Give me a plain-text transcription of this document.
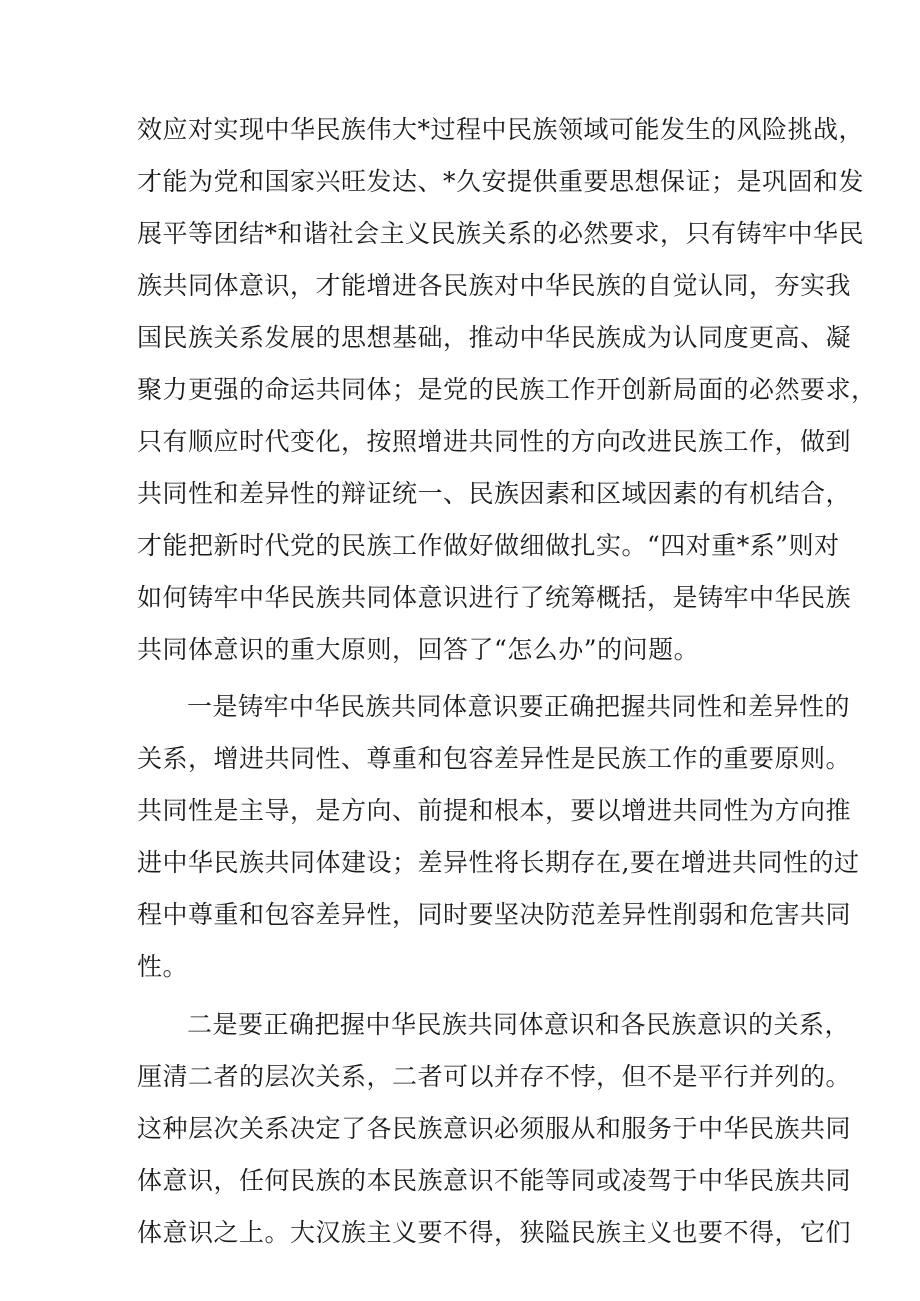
效应对实现中华民族伟大*过程中民族领域可能发生的风险挑战，
才能为党和国家兴旺发达、*久安提供重要思想保证；是巩固和发
展平等团结*和谐社会主义民族关系的必然要求，只有铸牢中华民
族共同体意识，才能增进各民族对中华民族的自觉认同，夯实我
国民族关系发展的思想基础，推动中华民族成为认同度更高、凝
聚力更强的命运共同体；是党的民族工作开创新局面的必然要求，
只有顺应时代变化，按照增进共同性的方向改进民族工作，做到
共同性和差异性的辩证统一、民族因素和区域因素的有机结合，
才能把新时代党的民族工作做好做细做扎实。“四对重*系”则对
如何铸牢中华民族共同体意识进行了统筹概括，是铸牢中华民族
共同体意识的重大原则，回答了“怎么办”的问题。
一是铸牢中华民族共同体意识要正确把握共同性和差异性的
关系，增进共同性、尊重和包容差异性是民族工作的重要原则。
共同性是主导，是方向、前提和根本，要以增进共同性为方向推
进中华民族共同体建设；差异性将长期存在,要在增进共同性的过
程中尊重和包容差异性，同时要坚决防范差异性削弱和危害共同
性。
二是要正确把握中华民族共同体意识和各民族意识的关系，
厘清二者的层次关系，二者可以并存不悖，但不是平行并列的。
这种层次关系决定了各民族意识必须服从和服务于中华民族共同
体意识，任何民族的本民族意识不能等同或凌驾于中华民族共同
体意识之上。大汉族主义要不得，狭隘民族主义也要不得，它们
